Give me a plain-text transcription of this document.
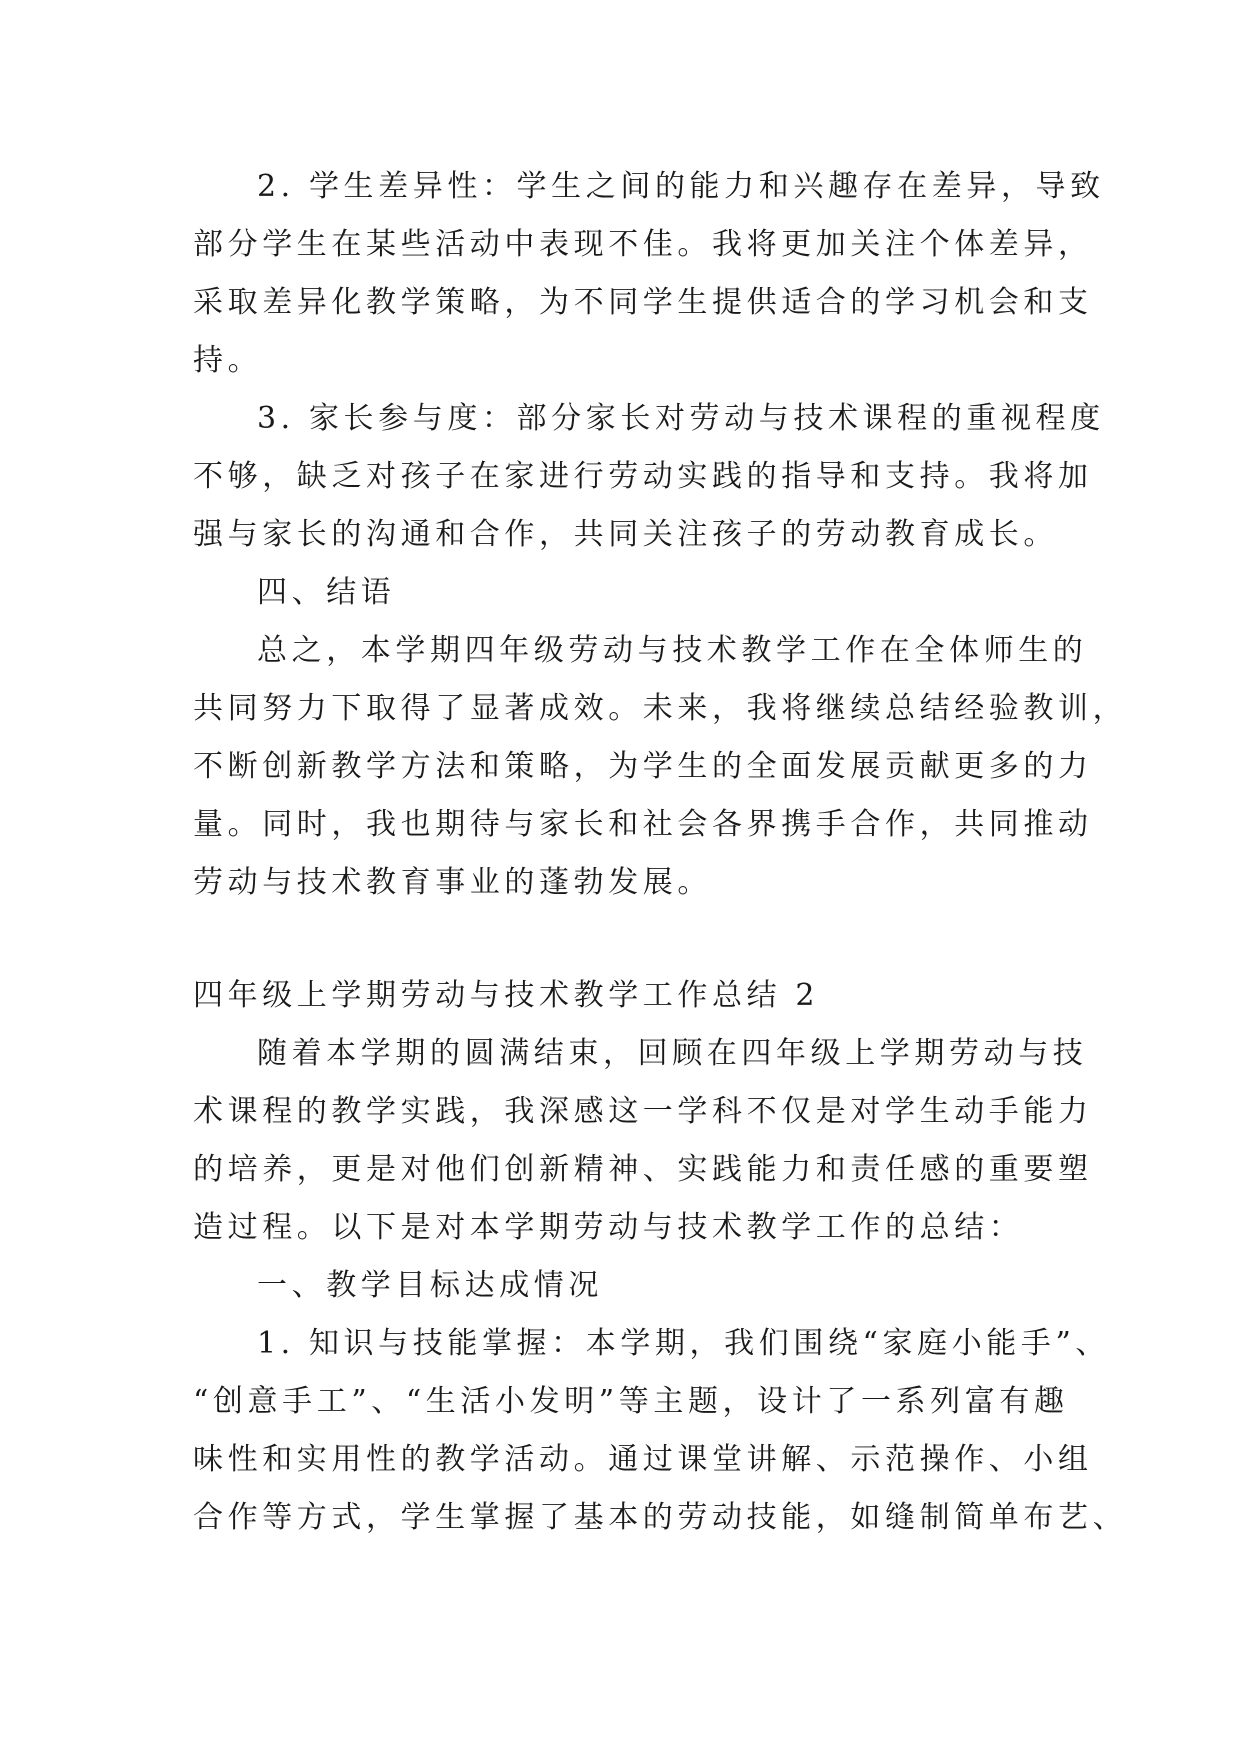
2. 学生差异性：学生之间的能力和兴趣存在差异，导致
部分学生在某些活动中表现不佳。我将更加关注个体差异，
采取差异化教学策略，为不同学生提供适合的学习机会和支
持。
3. 家长参与度：部分家长对劳动与技术课程的重视程度
不够，缺乏对孩子在家进行劳动实践的指导和支持。我将加
强与家长的沟通和合作，共同关注孩子的劳动教育成长。
四、结语
总之，本学期四年级劳动与技术教学工作在全体师生的
共同努力下取得了显著成效。未来，我将继续总结经验教训，
不断创新教学方法和策略，为学生的全面发展贡献更多的力
量。同时，我也期待与家长和社会各界携手合作，共同推动
劳动与技术教育事业的蓬勃发展。
四年级上学期劳动与技术教学工作总结 2
随着本学期的圆满结束，回顾在四年级上学期劳动与技
术课程的教学实践，我深感这一学科不仅是对学生动手能力
的培养，更是对他们创新精神、实践能力和责任感的重要塑
造过程。以下是对本学期劳动与技术教学工作的总结：
一、教学目标达成情况
1. 知识与技能掌握：本学期，我们围绕“家庭小能手”、
“创意手工”、“生活小发明”等主题，设计了一系列富有趣
味性和实用性的教学活动。通过课堂讲解、示范操作、小组
合作等方式，学生掌握了基本的劳动技能，如缝制简单布艺、
